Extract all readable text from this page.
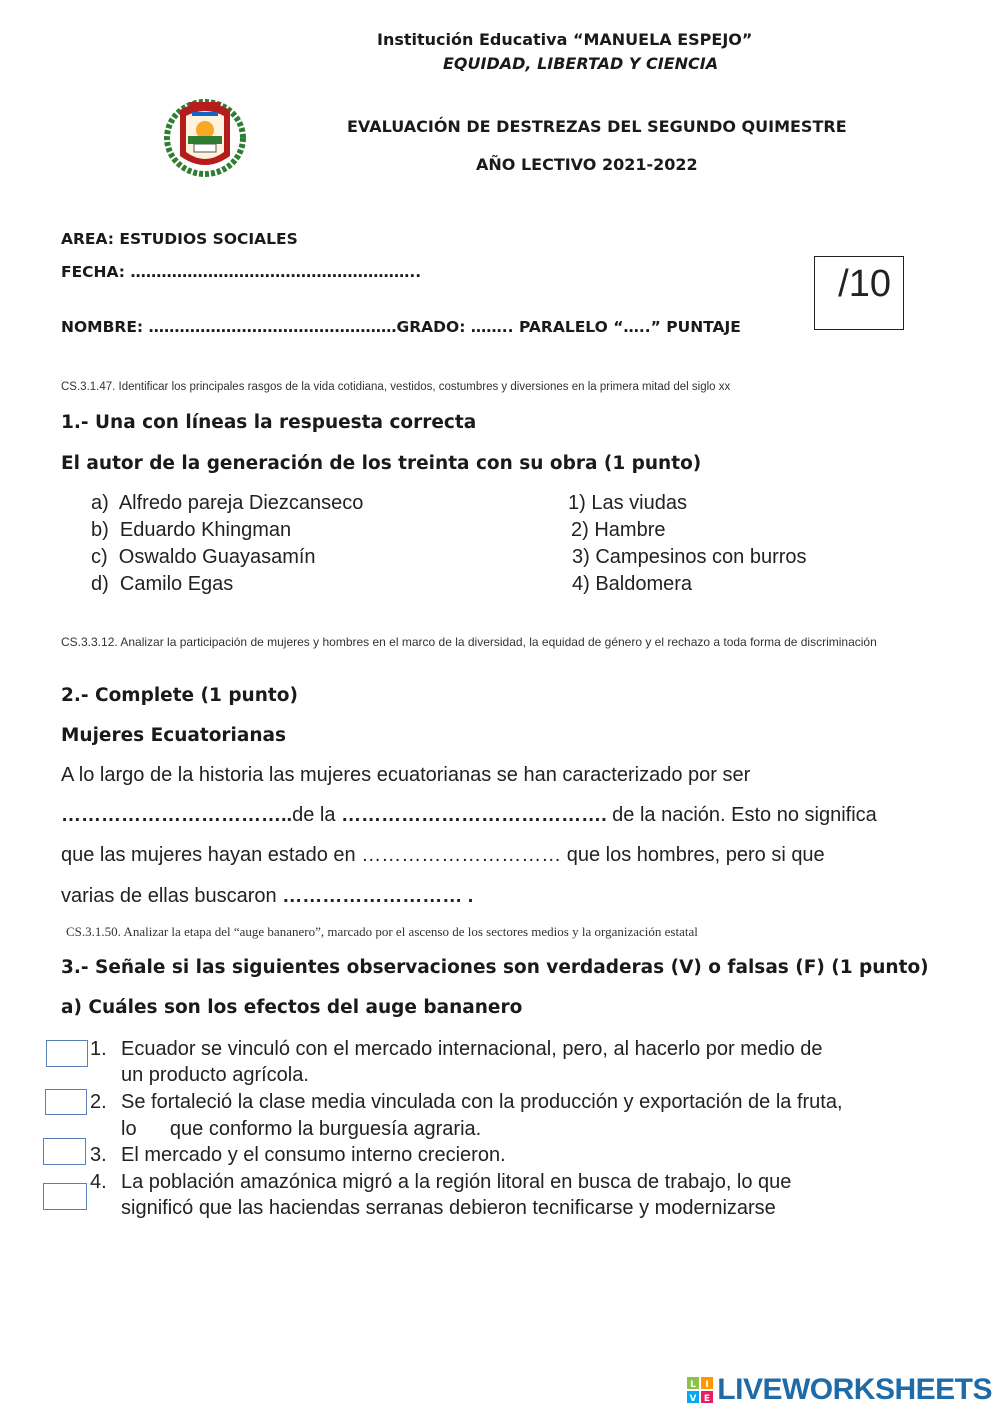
Institución Educativa “MANUELA ESPEJO”
EQUIDAD, LIBERTAD Y CIENCIA
EVALUACIÓN DE DESTREZAS DEL SEGUNDO QUIMESTRE
AÑO LECTIVO 2021-2022
AREA: ESTUDIOS SOCIALES
FECHA: ………………………………………………..
NOMBRE: …………………………………………GRADO: …….. PARALELO “…..” PUNTAJE
/10
CS.3.1.47. Identificar los principales rasgos de la vida cotidiana, vestidos, costumbres y diversiones en la primera mitad del siglo xx
1.- Una con líneas la respuesta correcta
El autor de la generación de los treinta con su obra (1 punto)
a) Alfredo pareja Diezcanseco
b) Eduardo Khingman
c) Oswaldo Guayasamín
d) Camilo Egas
1) Las viudas
2) Hambre
3) Campesinos con burros
4) Baldomera
CS.3.3.12. Analizar la participación de mujeres y hombres en el marco de la diversidad, la equidad de género y el rechazo a toda forma de discriminación
2.- Complete (1 punto)
Mujeres Ecuatorianas
A lo largo de la historia las mujeres ecuatorianas se han caracterizado por ser
……………………………..de la …………………………………. de la nación. Esto no significa
que las mujeres hayan estado en ………………………… que los hombres, pero si que
varias de ellas buscaron ……………………… .
CS.3.1.50. Analizar la etapa del “auge bananero”, marcado por el ascenso de los sectores medios y la organización estatal
3.- Señale si las siguientes observaciones son verdaderas (V) o falsas (F) (1 punto)
a) Cuáles son los efectos del auge bananero
1. Ecuador se vinculó con el mercado internacional, pero, al hacerlo por medio de
un producto agrícola.
2. Se fortaleció la clase media vinculada con la producción y exportación de la fruta,
lo      que conformo la burguesía agraria.
3. El mercado y el consumo interno crecieron.
4. La población amazónica migró a la región litoral en busca de trabajo, lo que
significó que las haciendas serranas debieron tecnificarse y modernizarse
L I
V E LIVEWORKSHEETS
